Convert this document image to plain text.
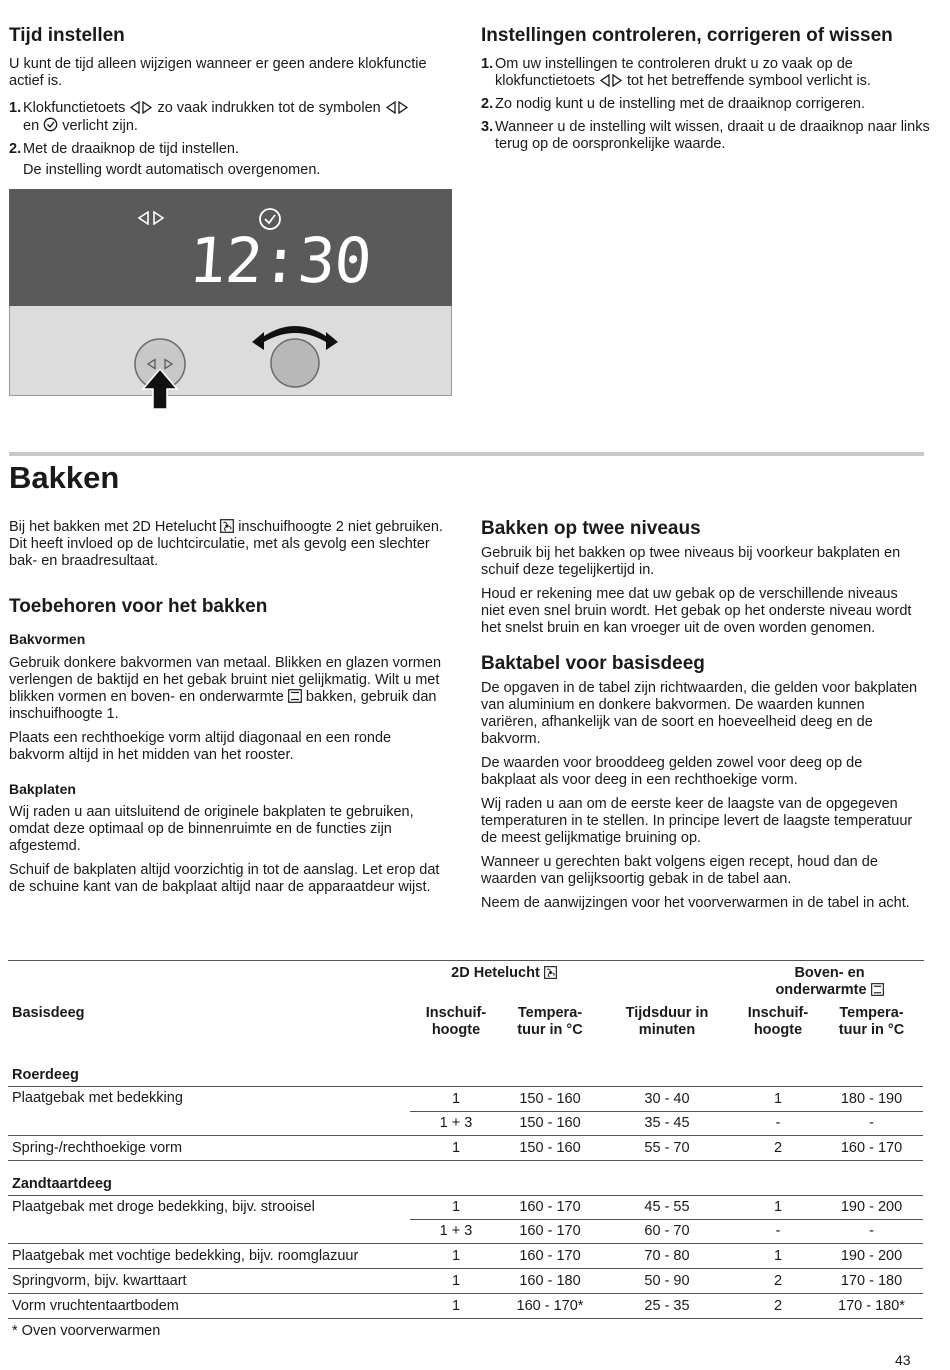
Tijd instellen

U kunt de tijd alleen wijzigen wanneer er geen andere klokfunctie actief is.

1. Klokfunctietoets zo vaak indrukken tot de symbolen
en verlicht zijn.
2. Met de draaiknop de tijd instellen.
De instelling wordt automatisch overgenomen.
Instellingen controleren, corrigeren of wissen
1. Om uw instellingen te controleren drukt u zo vaak op de klokfunctietoets tot het betreffende symbool verlicht is.
2. Zo nodig kunt u de instelling met de draaiknop corrigeren.
3. Wanneer u de instelling wilt wissen, draait u de draaiknop naar links terug op de oorspronkelijke waarde.
12:30
Bakken

Bij het bakken met 2D Hetelucht inschuifhoogte 2 niet gebruiken. Dit heeft invloed op de luchtcirculatie, met als gevolg een slechter bak- en braadresultaat.

Toebehoren voor het bakken
Bakvormen

Gebruik donkere bakvormen van metaal. Blikken en glazen vormen verlengen de baktijd en het gebak bruint niet gelijkmatig. Wilt u met blikken vormen en boven- en onderwarmte bakken, gebruik dan inschuifhoogte 1.

Plaats een rechthoekige vorm altijd diagonaal en een ronde bakvorm altijd in het midden van het rooster.

Bakplaten

Wij raden u aan uitsluitend de originele bakplaten te gebruiken, omdat deze optimaal op de binnenruimte en de functies zijn afgestemd.

Schuif de bakplaten altijd voorzichtig in tot de aanslag. Let erop dat de schuine kant van de bakplaat altijd naar de apparaatdeur wijst.

Bakken op twee niveaus

Gebruik bij het bakken op twee niveaus bij voorkeur bakplaten en schuif deze tegelijkertijd in.

Houd er rekening mee dat uw gebak op de verschillende niveaus niet even snel bruin wordt. Het gebak op het onderste niveau wordt het snelst bruin en kan vroeger uit de oven worden genomen.

Baktabel voor basisdeeg

De opgaven in de tabel zijn richtwaarden, die gelden voor bakplaten van aluminium en donkere bakvormen. De waarden kunnen variëren, afhankelijk van de soort en hoeveelheid deeg en de bakvorm.

De waarden voor brooddeeg gelden zowel voor deeg op de bakplaat als voor deeg in een rechthoekige vorm.

Wij raden u aan om de eerste keer de laagste van de opgegeven temperaturen in te stellen. In principe levert de laagste temperatuur de meest gelijkmatige bruining op.

Wanneer u gerechten bakt volgens eigen recept, houd dan de waarden van gelijksoortig gebak in de tabel aan.

Neem de aanwijzingen voor het voorverwarmen in de tabel in acht.

	2D Hetelucht			Boven- en
onderwarmte	
Basisdeeg	Inschuif-
hoogte	Tempera-
tuur in °C	Tijdsduur in
minuten	Inschuif-
hoogte	Tempera-
tuur in °C
Roerdeeg					
Plaatgebak met bedekking	1	150 - 160	30 - 40	1	180 - 190
	1 + 3	150 - 160	35 - 45	-	-
Spring-/rechthoekige vorm	1	150 - 160	55 - 70	2	160 - 170
Zandtaartdeeg					
Plaatgebak met droge bedekking, bijv. strooisel	1	160 - 170	45 - 55	1	190 - 200
	1 + 3	160 - 170	60 - 70	-	-
Plaatgebak met vochtige bedekking, bijv. roomglazuur	1	160 - 170	70 - 80	1	190 - 200
Springvorm, bijv. kwarttaart	1	160 - 180	50 - 90	2	170 - 180
Vorm vruchtentaartbodem	1	160 - 170*	25 - 35	2	170 - 180*

* Oven voorverwarmen

43
